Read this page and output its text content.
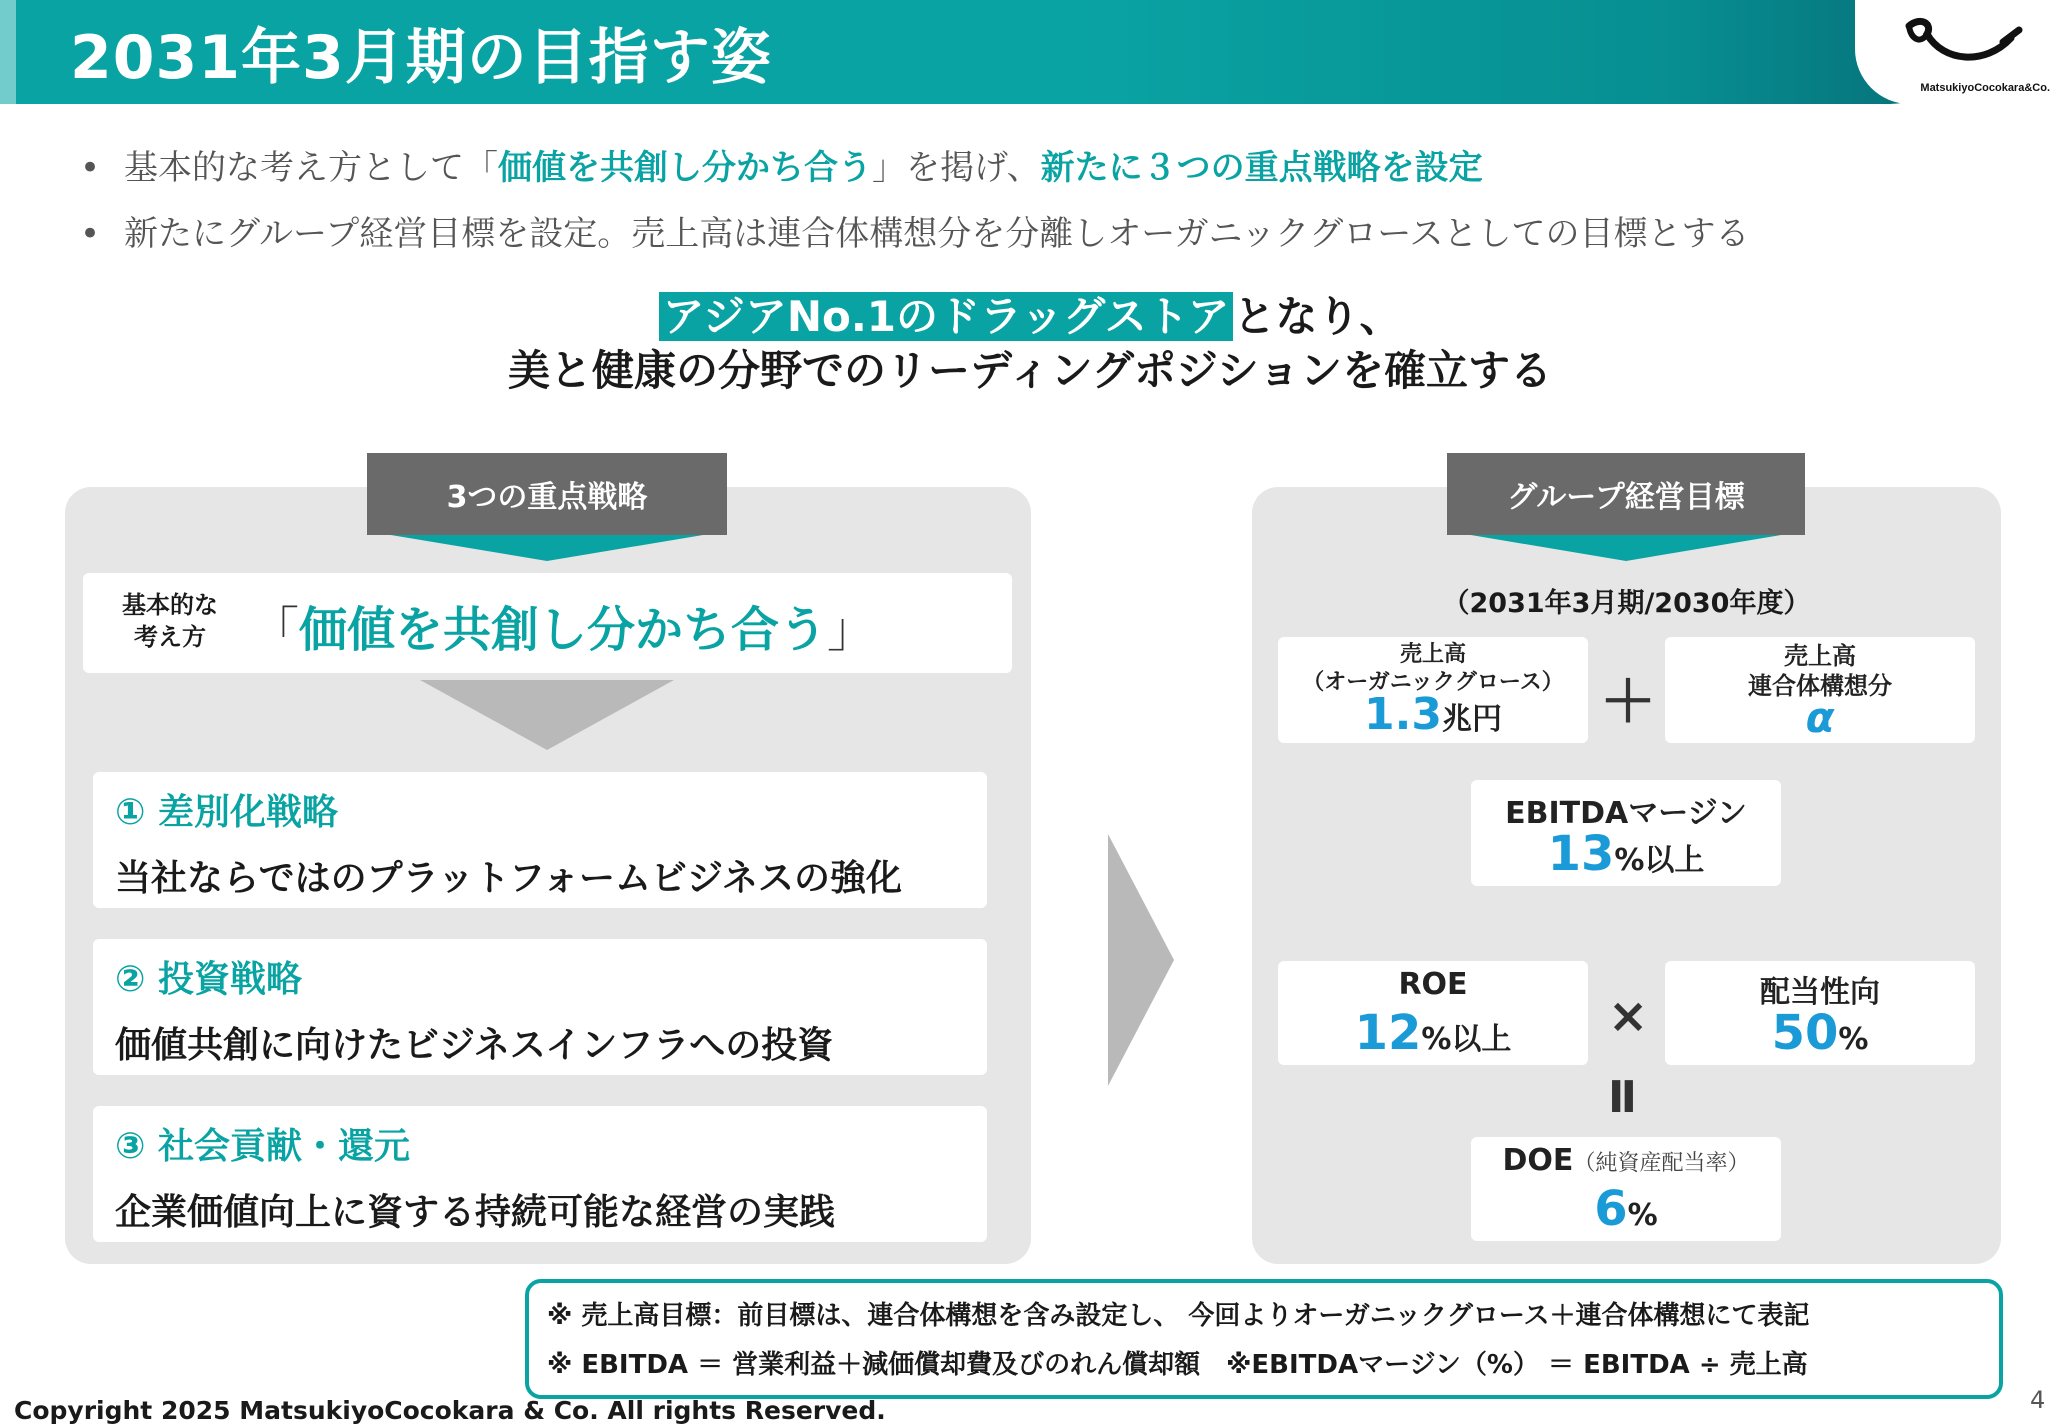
2031年3月期の目指す姿	MatsukiyoCocokara&Co.
• 基本的な考え方として「価値を共創し分かち合う」を掲げ、新たに３つの重点戦略を設定
• 新たにグループ経営目標を設定。売上高は連合体構想分を分離しオーガニックグロースとしての目標とする
アジアNo.1のドラッグストアとなり、
美と健康の分野でのリーディングポジションを確立する
3つの重点戦略
基本的な
考え方 「価値を共創し分かち合う」
① 差別化戦略
当社ならではのプラットフォームビジネスの強化
② 投資戦略
価値共創に向けたビジネスインフラへの投資
③ 社会貢献・還元
企業価値向上に資する持続可能な経営の実践
グループ経営目標
（2031年3月期/2030年度）
売上高
（オーガニックグロース）
1.3兆円	＋
売上高
連合体構想分
α
EBITDAマージン
13%以上
ROE
12%以上	×	配当性向
50%
Ⅱ
DOE（純資産配当率）
6%
※ 売上高目標：前目標は、連合体構想を含み設定し、 今回よりオーガニックグロース＋連合体構想にて表記
※ EBITDA ＝ 営業利益＋減価償却費及びのれん償却額　※EBITDAマージン（%） ＝ EBITDA ÷ 売上高
Copyright 2025 MatsukiyoCocokara & Co. All rights Reserved.	4
